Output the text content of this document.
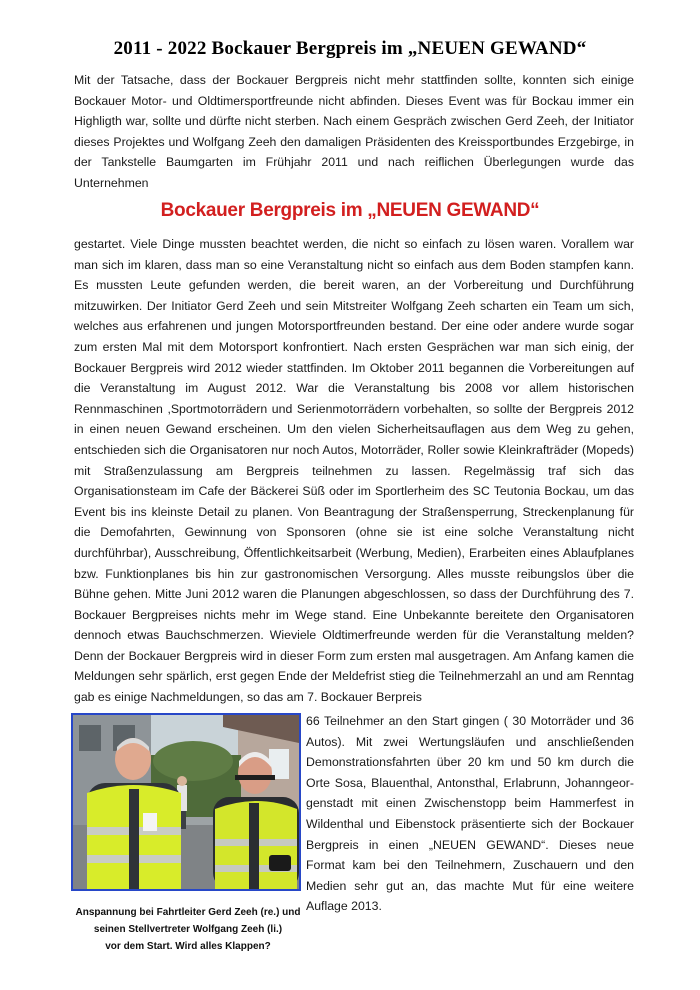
2011 - 2022 Bockauer Bergpreis im „NEUEN GEWAND“

Mit der Tatsache, dass der Bockauer Bergpreis nicht mehr stattfinden sollte, konnten sich einige Bockauer Motor- und Oldtimersportfreunde nicht abfinden. Dieses Event was für Bockau immer ein Highligth war, sollte und dürfte nicht sterben. Nach einem Gespräch zwischen Gerd Zeeh, der Initiator dieses Projektes und Wolfgang Zeeh den damaligen Präsidenten des Kreissportbundes Erzgebirge, in der Tankstelle Baumgarten im Frühjahr 2011 und nach reiflichen Überlegungen wurde das Unternehmen

Bockauer Bergpreis im „NEUEN GEWAND“

gestartet. Viele Dinge mussten beachtet werden, die nicht so einfach zu lösen waren. Vorallem war man sich im klaren, dass man so eine Veranstaltung nicht so einfach aus dem Boden stampfen kann. Es mussten Leute gefunden werden, die bereit waren, an der Vorbereitung und Durchführung mitzuwirken. Der Initiator Gerd Zeeh und sein Mitstreiter Wolfgang Zeeh scharten ein Team um sich, welches aus erfahrenen und jungen Motorsportfreunden bestand. Der eine oder andere wurde sogar zum ersten Mal mit dem Motorsport konfrontiert. Nach ersten Gesprächen war man sich einig, der Bockauer Bergpreis wird 2012 wieder stattfinden. Im Oktober 2011 begannen die Vorbereitungen auf die Veranstaltung im August 2012. War die Veranstaltung bis 2008 vor allem historischen Rennmaschinen ,Sportmotorrädern und Serienmotorrädern vorbehalten, so sollte der Bergpreis 2012 in einen neuen Gewand erscheinen. Um den vielen Sicherheitsauflagen aus dem Weg zu gehen, entschieden sich die Organisatoren nur noch Autos, Motorräder, Roller sowie Kleinkrafträder (Mopeds) mit Straßenzulassung am Bergpreis teilnehmen zu lassen. Regelmässig traf sich das Organisationsteam im Cafe der Bäckerei Süß oder im Sportlerheim des SC Teutonia Bockau, um das Event bis ins kleinste Detail zu planen. Von Beantragung der Straßensperrung, Streckenplanung für die Demofahrten, Gewinnung von Sponsoren (ohne sie ist eine solche Veranstaltung nicht durchführbar), Ausschreibung, Öffentlichkeitsarbeit (Werbung, Medien), Erarbeiten eines Ablaufplanes bzw. Funktionplanes bis hin zur gastronomischen Versorgung. Alles musste reibungslos über die Bühne gehen. Mitte Juni 2012 waren die Planungen abgeschlossen, so dass der Durchführung des 7. Bockauer Bergpreises nichts mehr im Wege stand. Eine Unbekannte bereitete den Organisatoren dennoch etwas Bauchschmerzen. Wieviele Oldtimerfreunde werden für die Veranstaltung melden? Denn der Bockauer Bergpreis wird in dieser Form zum ersten mal ausgetragen. Am Anfang kamen die Meldungen sehr spärlich, erst gegen Ende der Meldefrist stieg die Teilnehmerzahl an und am Renntag gab es einige Nachmeldungen, so das am 7. Bockauer Berpreis

66 Teilnehmer an den Start gingen ( 30 Motorräder und 36 Autos). Mit zwei Wertungsläufen und anschließenden Demonstrationsfahrten über 20 km und 50 km durch die Orte Sosa, Blauenthal, Antonsthal, Erlabrunn, Johanngeor-genstadt mit einen Zwischenstopp beim Hammerfest in Wildenthal und Eibenstock präsentierte sich der Bockauer Bergpreis in einen „NEUEN GEWAND“. Dieses neue Format kam bei den Teilnehmern, Zuschauern und den Medien sehr gut an, das machte Mut für eine weitere Auflage 2013.

Anspannung bei Fahrtleiter Gerd Zeeh (re.) und
seinen Stellvertreter Wolfgang Zeeh (li.)
vor dem Start. Wird alles Klappen?
